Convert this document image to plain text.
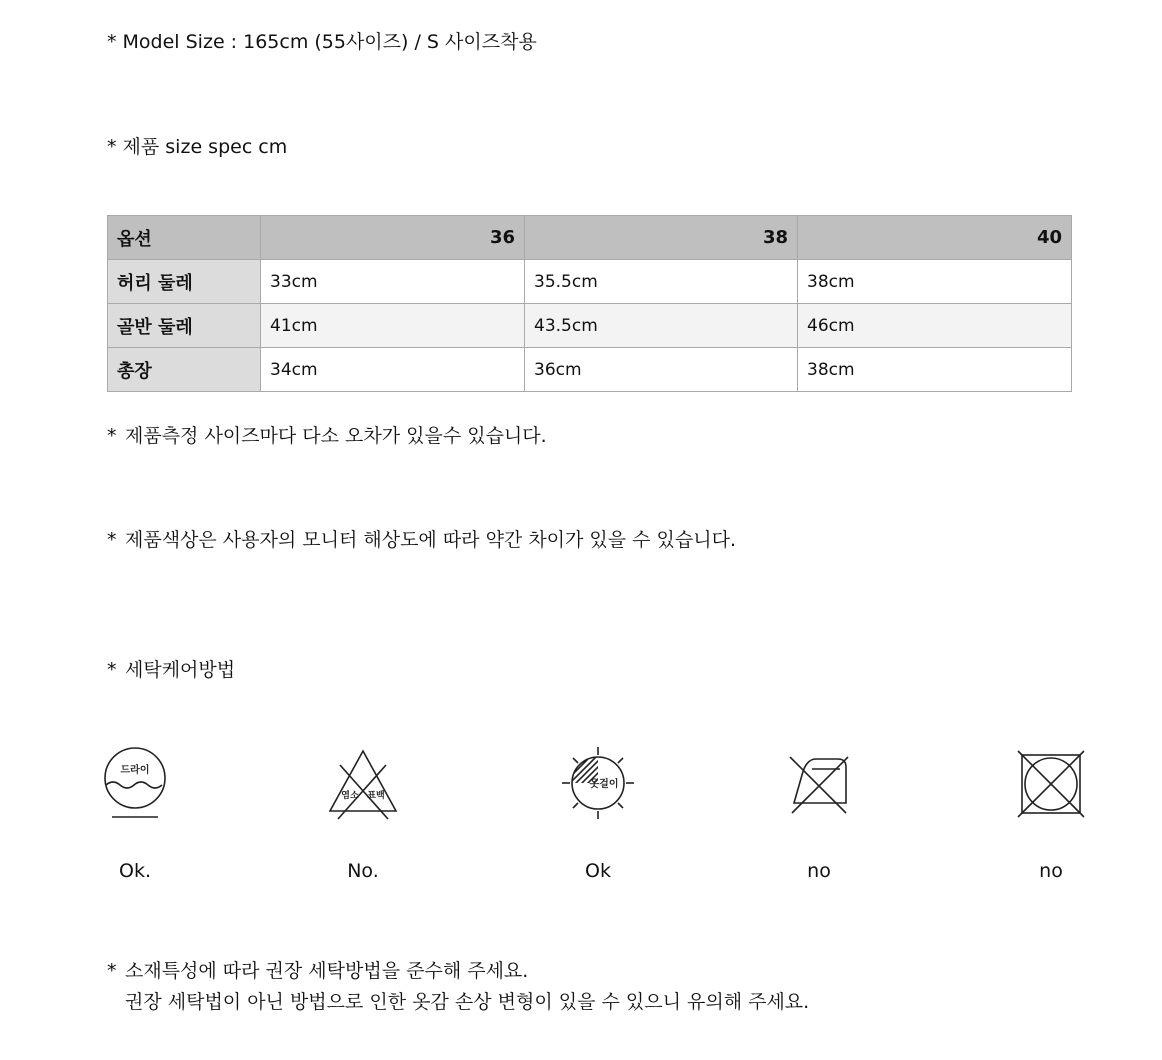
* Model Size : 165cm (55사이즈) / S 사이즈착용
* 제품 size spec cm
옵션	36	38	40
허리 둘레	33cm	35.5cm	38cm
골반 둘레	41cm	43.5cm	46cm
총장	34cm	36cm	38cm
* 제품측정 사이즈마다 다소 오차가 있을수 있습니다.
* 제품색상은 사용자의 모니터 해상도에 따라 약간 차이가 있을 수 있습니다.
* 세탁케어방법
드라이
Ok.
염소 표백
No.
옷걸이
Ok	no	no
* 소재특성에 따라 권장 세탁방법을 준수해 주세요.
권장 세탁법이 아닌 방법으로 인한 옷감 손상 변형이 있을 수 있으니 유의해 주세요.
